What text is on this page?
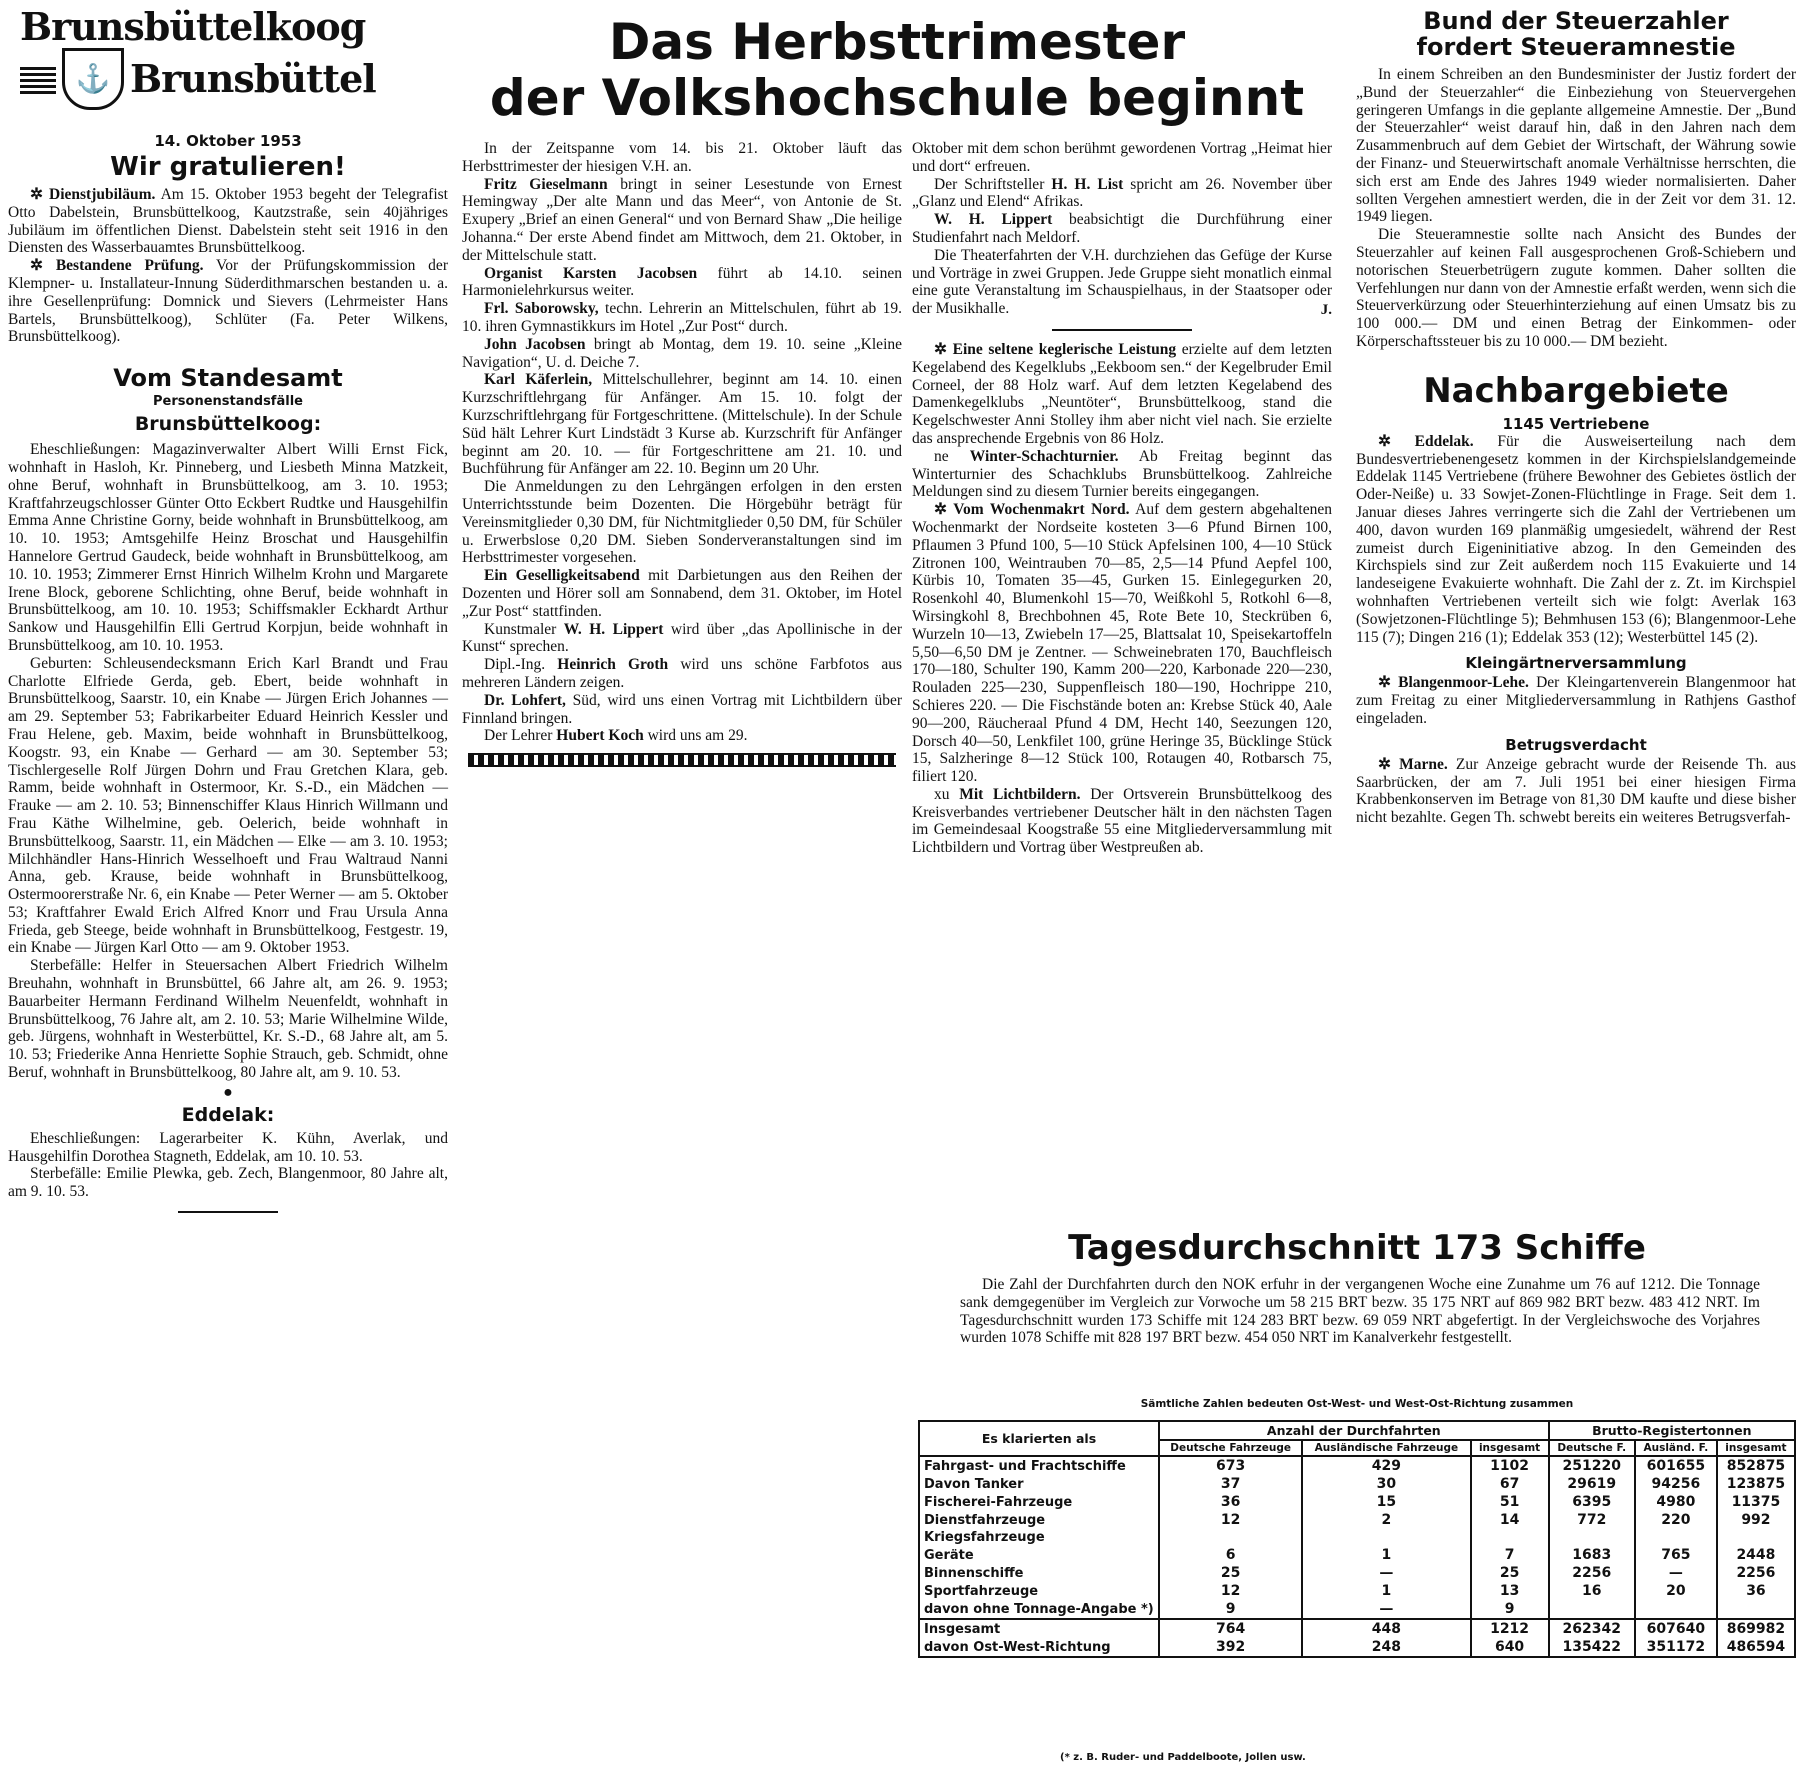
Brunsbüttelkoog
⚓ Brunsbüttel
14. Oktober 1953
Wir gratulieren!

✲ Dienstjubiläum. Am 15. Oktober 1953 begeht der Telegrafist Otto Dabelstein, Brunsbüttelkoog, Kautzstraße, sein 40jähriges Jubiläum im öffentlichen Dienst. Dabelstein steht seit 1916 in den Diensten des Wasserbauamtes Brunsbüttelkoog.

✲ Bestandene Prüfung. Vor der Prüfungskommission der Klempner- u. Installateur-Innung Süderdithmarschen bestanden u. a. ihre Gesellenprüfung: Domnick und Sievers (Lehrmeister Hans Bartels, Brunsbüttelkoog), Schlüter (Fa. Peter Wilkens, Brunsbüttelkoog).

Vom Standesamt
Personenstandsfälle
Brunsbüttelkoog:

Eheschließungen: Magazinverwalter Albert Willi Ernst Fick, wohnhaft in Hasloh, Kr. Pinneberg, und Liesbeth Minna Matzkeit, ohne Beruf, wohnhaft in Brunsbüttelkoog, am 3. 10. 1953; Kraftfahrzeugschlosser Günter Otto Eckbert Rudtke und Hausgehilfin Emma Anne Christine Gorny, beide wohnhaft in Brunsbüttelkoog, am 10. 10. 1953; Amtsgehilfe Heinz Broschat und Hausgehilfin Hannelore Gertrud Gaudeck, beide wohnhaft in Brunsbüttelkoog, am 10. 10. 1953; Zimmerer Ernst Hinrich Wilhelm Krohn und Margarete Irene Block, geborene Schlichting, ohne Beruf, beide wohnhaft in Brunsbüttelkoog, am 10. 10. 1953; Schiffsmakler Eckhardt Arthur Sankow und Hausgehilfin Elli Gertrud Korpjun, beide wohnhaft in Brunsbüttelkoog, am 10. 10. 1953.

Geburten: Schleusendecksmann Erich Karl Brandt und Frau Charlotte Elfriede Gerda, geb. Ebert, beide wohnhaft in Brunsbüttelkoog, Saarstr. 10, ein Knabe — Jürgen Erich Johannes — am 29. September 53; Fabrikarbeiter Eduard Heinrich Kessler und Frau Helene, geb. Maxim, beide wohnhaft in Brunsbüttelkoog, Koogstr. 93, ein Knabe — Gerhard — am 30. September 53; Tischlergeselle Rolf Jürgen Dohrn und Frau Gretchen Klara, geb. Ramm, beide wohnhaft in Ostermoor, Kr. S.-D., ein Mädchen — Frauke — am 2. 10. 53; Binnenschiffer Klaus Hinrich Willmann und Frau Käthe Wilhelmine, geb. Oelerich, beide wohnhaft in Brunsbüttelkoog, Saarstr. 11, ein Mädchen — Elke — am 3. 10. 1953; Milchhändler Hans-Hinrich Wesselhoeft und Frau Waltraud Nanni Anna, geb. Krause, beide wohnhaft in Brunsbüttelkoog, Ostermoorerstraße Nr. 6, ein Knabe — Peter Werner — am 5. Oktober 53; Kraftfahrer Ewald Erich Alfred Knorr und Frau Ursula Anna Frieda, geb Steege, beide wohnhaft in Brunsbüttelkoog, Festgestr. 19, ein Knabe — Jürgen Karl Otto — am 9. Oktober 1953.

Sterbefälle: Helfer in Steuersachen Albert Friedrich Wilhelm Breuhahn, wohnhaft in Brunsbüttel, 66 Jahre alt, am 26. 9. 1953; Bauarbeiter Hermann Ferdinand Wilhelm Neuenfeldt, wohnhaft in Brunsbüttelkoog, 76 Jahre alt, am 2. 10. 53; Marie Wilhelmine Wilde, geb. Jürgens, wohnhaft in Westerbüttel, Kr. S.-D., 68 Jahre alt, am 5. 10. 53; Friederike Anna Henriette Sophie Strauch, geb. Schmidt, ohne Beruf, wohnhaft in Brunsbüttelkoog, 80 Jahre alt, am 9. 10. 53.

●
Eddelak:

Eheschließungen: Lagerarbeiter K. Kühn, Averlak, und Hausgehilfin Dorothea Stagneth, Eddelak, am 10. 10. 53.

Sterbefälle: Emilie Plewka, geb. Zech, Blangenmoor, 80 Jahre alt, am 9. 10. 53.

Das Herbsttrimester
der Volkshochschule beginnt

In der Zeitspanne vom 14. bis 21. Oktober läuft das Herbsttrimester der hiesigen V.H. an.

Fritz Gieselmann bringt in seiner Lesestunde von Ernest Hemingway „Der alte Mann und das Meer“, von Antonie de St. Exupery „Brief an einen General“ und von Bernard Shaw „Die heilige Johanna.“ Der erste Abend findet am Mittwoch, dem 21. Oktober, in der Mittelschule statt.

Organist Karsten Jacobsen führt ab 14.10. seinen Harmonielehrkursus weiter.

Frl. Saborowsky, techn. Lehrerin an Mittelschulen, führt ab 19. 10. ihren Gymnastikkurs im Hotel „Zur Post“ durch.

John Jacobsen bringt ab Montag, dem 19. 10. seine „Kleine Navigation“, U. d. Deiche 7.

Karl Käferlein, Mittelschullehrer, beginnt am 14. 10. einen Kurzschriftlehrgang für Anfänger. Am 15. 10. folgt der Kurzschriftlehrgang für Fortgeschrittene. (Mittelschule). In der Schule Süd hält Lehrer Kurt Lindstädt 3 Kurse ab. Kurzschrift für Anfänger beginnt am 20. 10. — für Fortgeschrittene am 21. 10. und Buchführung für Anfänger am 22. 10. Beginn um 20 Uhr.

Die Anmeldungen zu den Lehrgängen erfolgen in den ersten Unterrichtsstunde beim Dozenten. Die Hörgebühr beträgt für Vereinsmitglieder 0,30 DM, für Nichtmitglieder 0,50 DM, für Schüler u. Erwerbslose 0,20 DM. Sieben Sonderveranstaltungen sind im Herbsttrimester vorgesehen.

Ein Geselligkeitsabend mit Darbietungen aus den Reihen der Dozenten und Hörer soll am Sonnabend, dem 31. Oktober, im Hotel „Zur Post“ stattfinden.

Kunstmaler W. H. Lippert wird über „das Apollinische in der Kunst“ sprechen.

Dipl.-Ing. Heinrich Groth wird uns schöne Farbfotos aus mehreren Ländern zeigen.

Dr. Lohfert, Süd, wird uns einen Vortrag mit Lichtbildern über Finnland bringen.

Der Lehrer Hubert Koch wird uns am 29.

Oktober mit dem schon berühmt gewordenen Vortrag „Heimat hier und dort“ erfreuen.

Der Schriftsteller H. H. List spricht am 26. November über „Glanz und Elend“ Afrikas.

W. H. Lippert beabsichtigt die Durchführung einer Studienfahrt nach Meldorf.

Die Theaterfahrten der V.H. durchziehen das Gefüge der Kurse und Vorträge in zwei Gruppen. Jede Gruppe sieht monatlich einmal eine gute Veranstaltung im Schauspielhaus, in der Staatsoper oder der Musikhalle.	J.

✲ Eine seltene keglerische Leistung erzielte auf dem letzten Kegelabend des Kegelklubs „Eekboom sen.“ der Kegelbruder Emil Corneel, der 88 Holz warf. Auf dem letzten Kegelabend des Damenkegelklubs „Neuntöter“, Brunsbüttelkoog, stand die Kegelschwester Anni Stolley ihm aber nicht viel nach. Sie erzielte das ansprechende Ergebnis von 86 Holz.

ne Winter-Schachturnier. Ab Freitag beginnt das Winterturnier des Schachklubs Brunsbüttelkoog. Zahlreiche Meldungen sind zu diesem Turnier bereits eingegangen.

✲ Vom Wochenmakrt Nord. Auf dem gestern abgehaltenen Wochenmarkt der Nordseite kosteten 3—6 Pfund Birnen 100, Pflaumen 3 Pfund 100, 5—10 Stück Apfelsinen 100, 4—10 Stück Zitronen 100, Weintrauben 70—85, 2,5—14 Pfund Aepfel 100, Kürbis 10, Tomaten 35—45, Gurken 15. Einlegegurken 20, Rosenkohl 40, Blumenkohl 15—70, Weißkohl 5, Rotkohl 6—8, Wirsingkohl 8, Brechbohnen 45, Rote Bete 10, Steckrüben 6, Wurzeln 10—13, Zwiebeln 17—25, Blattsalat 10, Speisekartoffeln 5,50—6,50 DM je Zentner. — Schweinebraten 170, Bauchfleisch 170—180, Schulter 190, Kamm 200—220, Karbonade 220—230, Rouladen 225—230, Suppenfleisch 180—190, Hochrippe 210, Schieres 220. — Die Fischstände boten an: Krebse Stück 40, Aale 90—200, Räucheraal Pfund 4 DM, Hecht 140, Seezungen 120, Dorsch 40—50, Lenkfilet 100, grüne Heringe 35, Bücklinge Stück 15, Salzheringe 8—12 Stück 100, Rotaugen 40, Rotbarsch 75, filiert 120.

xu Mit Lichtbildern. Der Ortsverein Brunsbüttelkoog des Kreisverbandes vertriebener Deutscher hält in den nächsten Tagen im Gemeindesaal Koogstraße 55 eine Mitgliederversammlung mit Lichtbildern und Vortrag über Westpreußen ab.

Bund der Steuerzahler
fordert Steueramnestie

In einem Schreiben an den Bundesminister der Justiz fordert der „Bund der Steuerzahler“ die Einbeziehung von Steuervergehen geringeren Umfangs in die geplante allgemeine Amnestie. Der „Bund der Steuerzahler“ weist darauf hin, daß in den Jahren nach dem Zusammenbruch auf dem Gebiet der Wirtschaft, der Währung sowie der Finanz- und Steuerwirtschaft anomale Verhältnisse herrschten, die sich erst am Ende des Jahres 1949 wieder normalisierten. Daher sollten Vergehen amnestiert werden, die in der Zeit vor dem 31. 12. 1949 liegen.

Die Steueramnestie sollte nach Ansicht des Bundes der Steuerzahler auf keinen Fall ausgesprochenen Groß-Schiebern und notorischen Steuerbetrügern zugute kommen. Daher sollten die Verfehlungen nur dann von der Amnestie erfaßt werden, wenn sich die Steuerverkürzung oder Steuerhinterziehung auf einen Umsatz bis zu 100 000.— DM und einen Betrag der Einkommen- oder Körperschaftssteuer bis zu 10 000.— DM bezieht.

Nachbargebiete
1145 Vertriebene

✲ Eddelak. Für die Ausweiserteilung nach dem Bundesvertriebenengesetz kommen in der Kirchspielslandgemeinde Eddelak 1145 Vertriebene (frühere Bewohner des Gebietes östlich der Oder-Neiße) u. 33 Sowjet-Zonen-Flüchtlinge in Frage. Seit dem 1. Januar dieses Jahres verringerte sich die Zahl der Vertriebenen um 400, davon wurden 169 planmäßig umgesiedelt, während der Rest zumeist durch Eigeninitiative abzog. In den Gemeinden des Kirchspiels sind zur Zeit außerdem noch 115 Evakuierte und 14 landeseigene Evakuierte wohnhaft. Die Zahl der z. Zt. im Kirchspiel wohnhaften Vertriebenen verteilt sich wie folgt: Averlak 163 (Sowjetzonen-Flüchtlinge 5); Behmhusen 153 (6); Blangenmoor-Lehe 115 (7); Dingen 216 (1); Eddelak 353 (12); Westerbüttel 145 (2).

Kleingärtnerversammlung

✲ Blangenmoor-Lehe. Der Kleingartenverein Blangenmoor hat zum Freitag zu einer Mitgliederversammlung in Rathjens Gasthof eingeladen.

Betrugsverdacht

✲ Marne. Zur Anzeige gebracht wurde der Reisende Th. aus Saarbrücken, der am 7. Juli 1951 bei einer hiesigen Firma Krabbenkonserven im Betrage von 81,30 DM kaufte und diese bisher nicht bezahlte. Gegen Th. schwebt bereits ein weiteres Betrugsverfah-

Tagesdurchschnitt 173 Schiffe

Die Zahl der Durchfahrten durch den NOK erfuhr in der vergangenen Woche eine Zunahme um 76 auf 1212. Die Tonnage sank demgegenüber im Vergleich zur Vorwoche um 58 215 BRT bezw. 35 175 NRT auf 869 982 BRT bezw. 483 412 NRT. Im Tagesdurchschnitt wurden 173 Schiffe mit 124 283 BRT bezw. 69 059 NRT abgefertigt. In der Vergleichswoche des Vorjahres wurden 1078 Schiffe mit 828 197 BRT bezw. 454 050 NRT im Kanalverkehr festgestellt.

Sämtliche Zahlen bedeuten Ost-West- und West-Ost-Richtung zusammen
Es klarierten als	Anzahl der Durchfahrten			Brutto-Registertonnen		
	Deutsche Fahrzeuge	Ausländische Fahrzeuge	insgesamt	Deutsche F.	Ausländ. F.	insgesamt
Fahrgast- und Frachtschiffe	673	429	1102	251220	601655	852875
Davon Tanker	37	30	67	29619	94256	123875
Fischerei-Fahrzeuge	36	15	51	6395	4980	11375
Dienstfahrzeuge	12	2	14	772	220	992
Kriegsfahrzeuge						
Geräte	6	1	7	1683	765	2448
Binnenschiffe	25	—	25	2256	—	2256
Sportfahrzeuge	12	1	13	16	20	36
davon ohne Tonnage-Angabe *)	9	—	9			
Insgesamt	764	448	1212	262342	607640	869982
davon Ost-West-Richtung	392	248	640	135422	351172	486594
(* z. B. Ruder- und Paddelboote, Jollen usw.
